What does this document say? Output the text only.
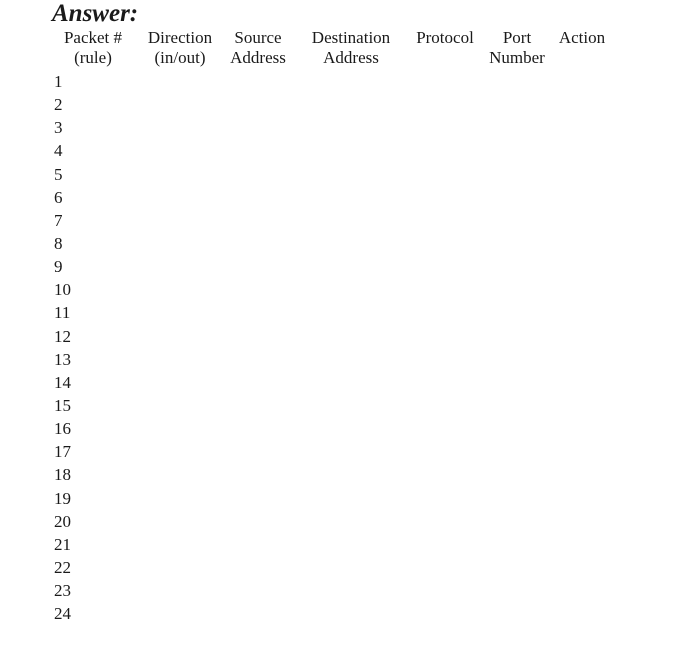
Answer:
Packet #
(rule)
Direction
(in/out)
Source
Address
Destination
Address
Protocol	Port
Number
Action
1
2
3
4
5
6
7
8
9
10
11
12
13
14
15
16
17
18
19
20
21
22
23
24
